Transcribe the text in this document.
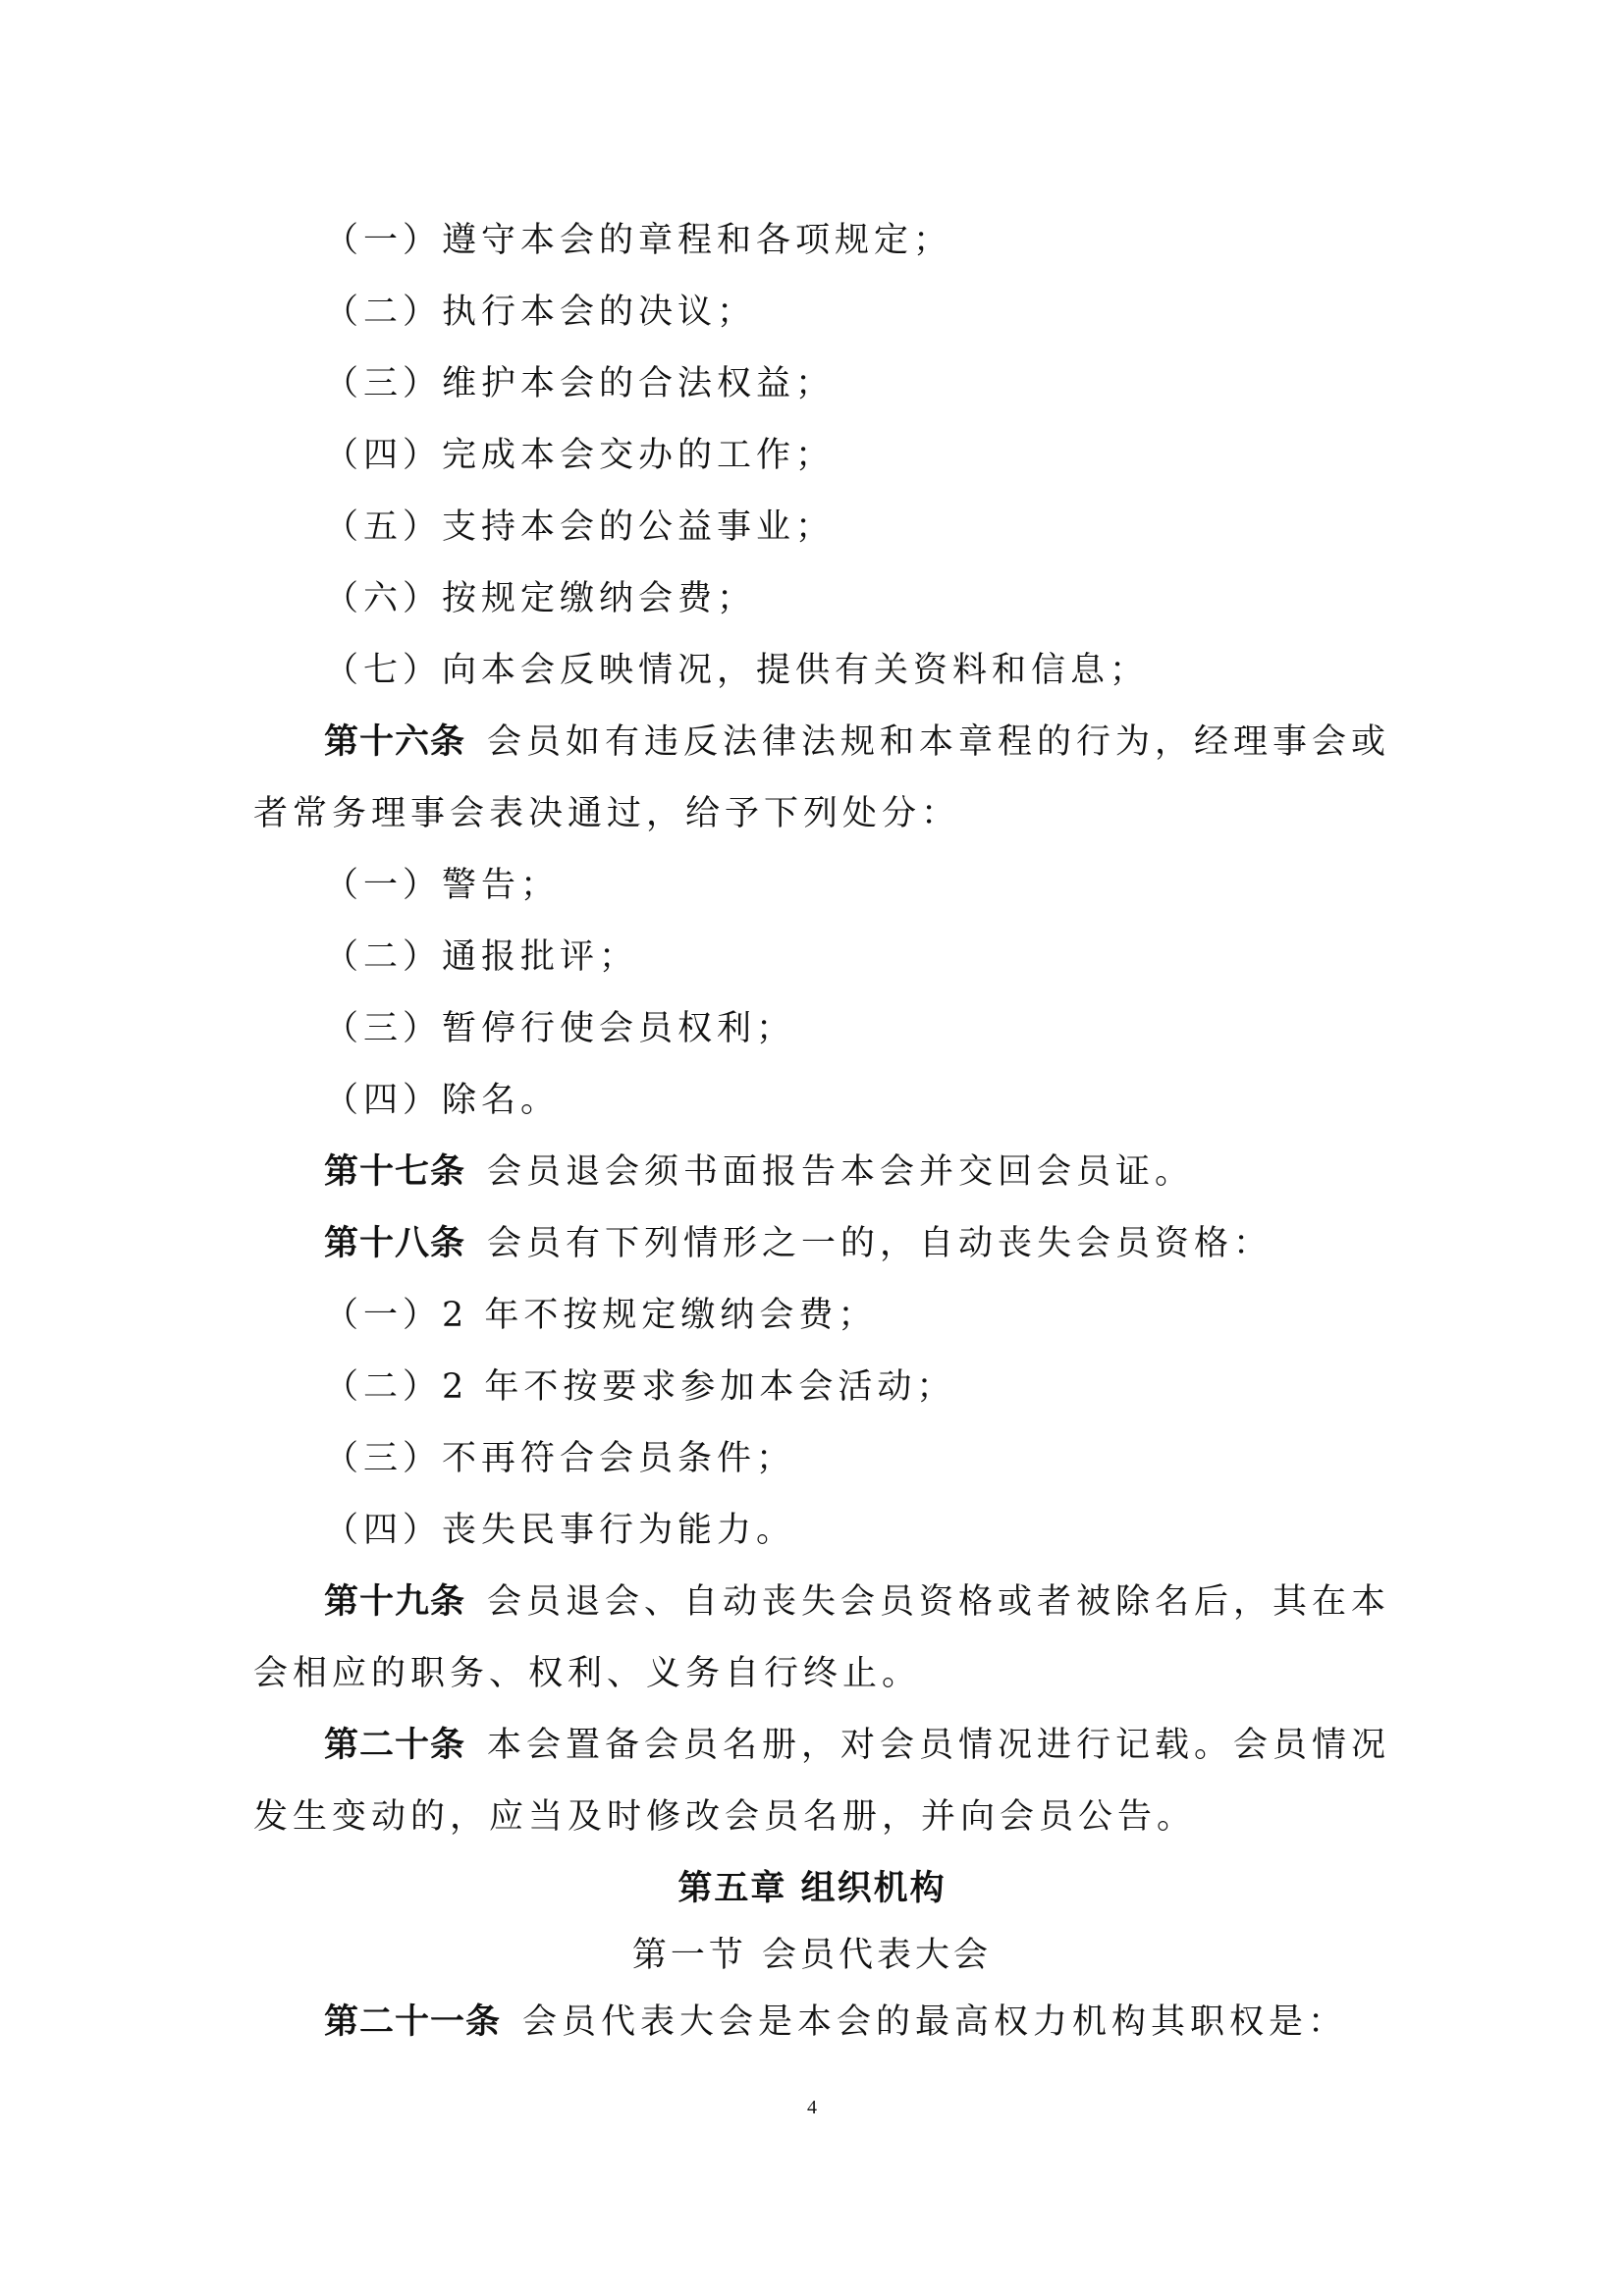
（一）遵守本会的章程和各项规定；
（二）执行本会的决议；
（三）维护本会的合法权益；
（四）完成本会交办的工作；
（五）支持本会的公益事业；
（六）按规定缴纳会费；
（七）向本会反映情况，提供有关资料和信息；
第十六条 会员如有违反法律法规和本章程的行为，经理事会或
者常务理事会表决通过，给予下列处分：
（一）警告；
（二）通报批评；
（三）暂停行使会员权利；
（四）除名。
第十七条 会员退会须书面报告本会并交回会员证。
第十八条 会员有下列情形之一的，自动丧失会员资格：
（一）2 年不按规定缴纳会费；
（二）2 年不按要求参加本会活动；
（三）不再符合会员条件；
（四）丧失民事行为能力。
第十九条 会员退会、自动丧失会员资格或者被除名后，其在本
会相应的职务、权利、义务自行终止。
第二十条 本会置备会员名册，对会员情况进行记载。会员情况
发生变动的，应当及时修改会员名册，并向会员公告。
第五章 组织机构
第一节 会员代表大会
第二十一条 会员代表大会是本会的最高权力机构其职权是：
4
